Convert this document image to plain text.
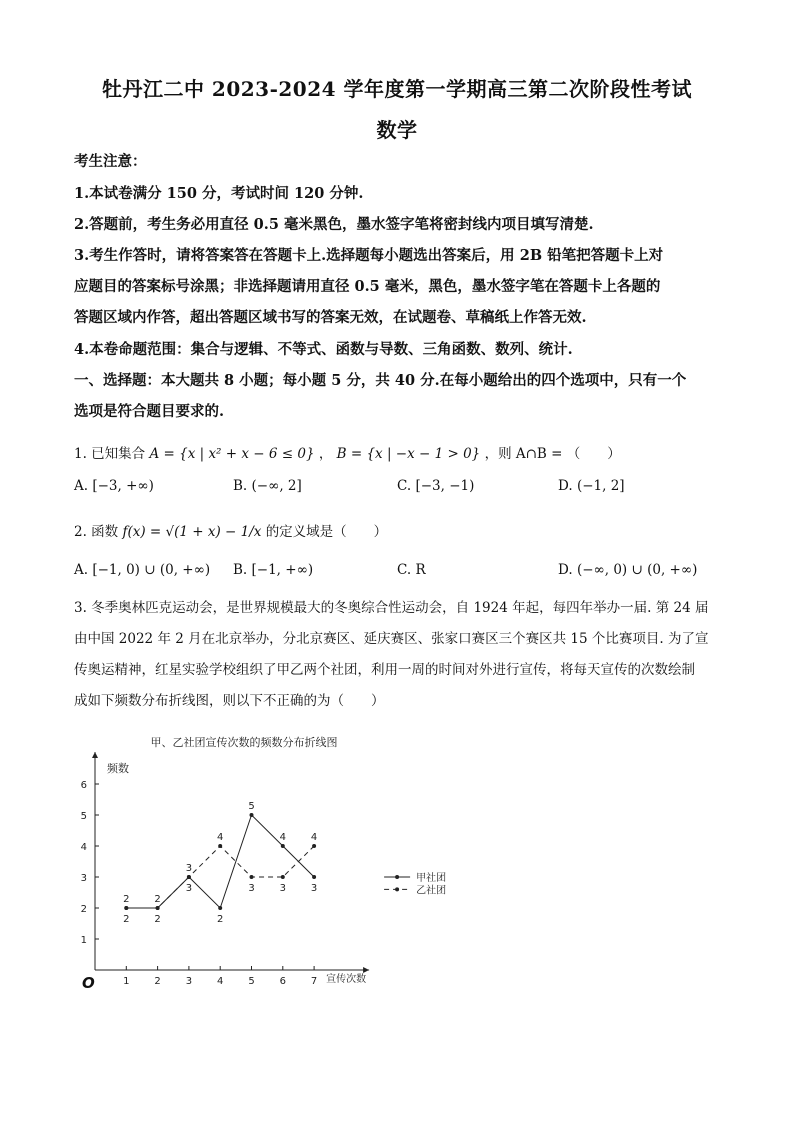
牡丹江二中 2023-2024 学年度第一学期高三第二次阶段性考试
数学
考生注意：
1.本试卷满分 150 分，考试时间 120 分钟.
2.答题前，考生务必用直径 0.5 毫米黑色，墨水签字笔将密封线内项目填写清楚.
3.考生作答时，请将答案答在答题卡上.选择题每小题选出答案后，用 2B 铅笔把答题卡上对
应题目的答案标号涂黑；非选择题请用直径 0.5 毫米，黑色，墨水签字笔在答题卡上各题的
答题区域内作答，超出答题区域书写的答案无效，在试题卷、草稿纸上作答无效.
4.本卷命题范围：集合与逻辑、不等式、函数与导数、三角函数、数列、统计.
一、选择题：本大题共 8 小题；每小题 5 分，共 40 分.在每小题给出的四个选项中，只有一个
选项是符合题目要求的.
1. 已知集合 A = {x | x² + x − 6 ≤ 0} ， B = {x | −x − 1 > 0} ，则 A∩B = （　　）
A. [−3, +∞)	B. (−∞, 2]	C. [−3, −1)	D. (−1, 2]
2. 函数 f(x) = √(1 + x) − 1/x 的定义域是（　　）
A. [−1, 0) ∪ (0, +∞) B. [−1, +∞)	C. R	D. (−∞, 0) ∪ (0, +∞)
3. 冬季奥林匹克运动会，是世界规模最大的冬奥综合性运动会，自 1924 年起，每四年举办一届. 第 24 届
由中国 2022 年 2 月在北京举办，分北京赛区、延庆赛区、张家口赛区三个赛区共 15 个比赛项目. 为了宣
传奥运精神，红星实验学校组织了甲乙两个社团，利用一周的时间对外进行宣传，将每天宣传的次数绘制
成如下频数分布折线图，则以下不正确的为（　　）
甲、乙社团宣传次数的频数分布折线图
O
频数
宣传次数
1 2 3 4 5 6 7
1
2
3
4
5
6
2
2
2
2
3
3
2
4
5
3
4
3 3
4
甲社团
乙社团
